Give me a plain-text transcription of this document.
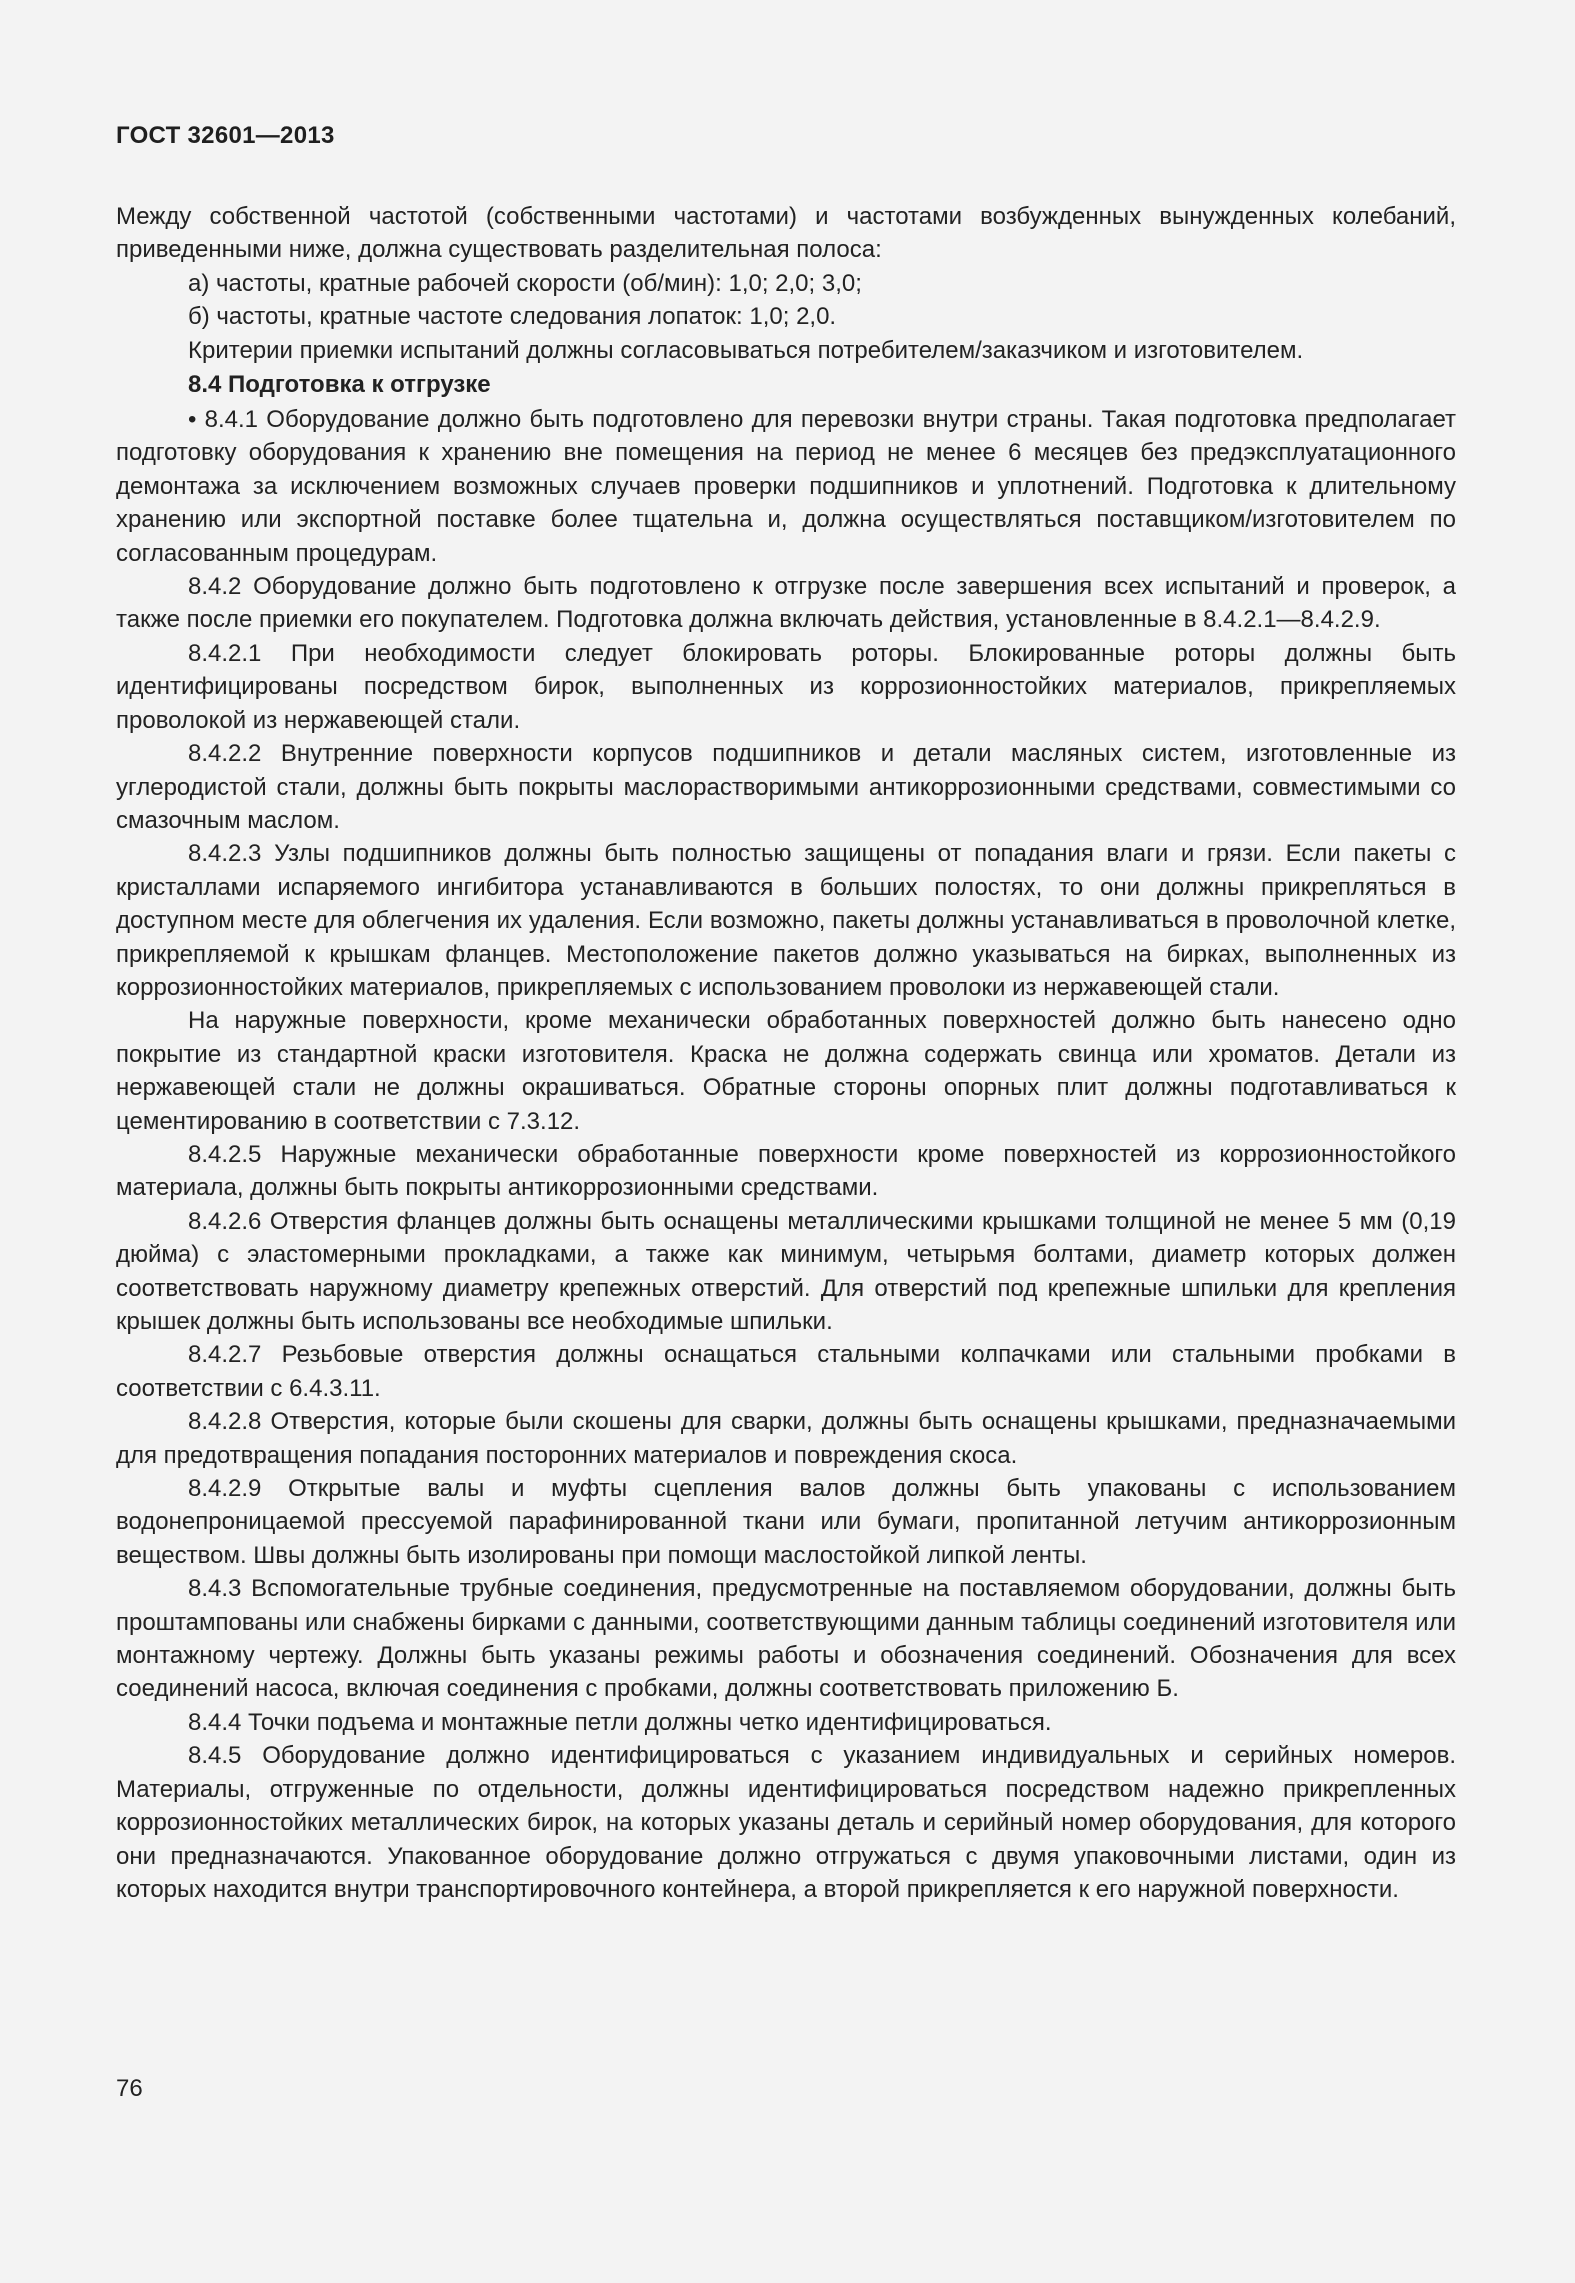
ГОСТ 32601—2013

Между собственной частотой (собственными частотами) и частотами возбужденных вынужденных колебаний, приведенными ниже, должна существовать разделительная полоса:

а) частоты, кратные рабочей скорости (об/мин): 1,0; 2,0; 3,0;

б) частоты, кратные частоте следования лопаток: 1,0; 2,0.

Критерии приемки испытаний должны согласовываться потребителем/заказчиком и изготовителем.

8.4 Подготовка к отгрузке

• 8.4.1 Оборудование должно быть подготовлено для перевозки внутри страны. Такая подготовка предполагает подготовку оборудования к хранению вне помещения на период не менее 6 месяцев без предэксплуатационного демонтажа за исключением возможных случаев проверки подшипников и уплотнений. Подготовка к длительному хранению или экспортной поставке более тщательна и, должна осуществляться поставщиком/изготовителем по согласованным процедурам.

8.4.2 Оборудование должно быть подготовлено к отгрузке после завершения всех испытаний и проверок, а также после приемки его покупателем. Подготовка должна включать действия, установленные в 8.4.2.1—8.4.2.9.

8.4.2.1 При необходимости следует блокировать роторы. Блокированные роторы должны быть идентифицированы посредством бирок, выполненных из коррозионностойких материалов, прикрепляемых проволокой из нержавеющей стали.

8.4.2.2 Внутренние поверхности корпусов подшипников и детали масляных систем, изготовленные из углеродистой стали, должны быть покрыты маслорастворимыми антикоррозионными средствами, совместимыми со смазочным маслом.

8.4.2.3 Узлы подшипников должны быть полностью защищены от попадания влаги и грязи. Если пакеты с кристаллами испаряемого ингибитора устанавливаются в больших полостях, то они должны прикрепляться в доступном месте для облегчения их удаления. Если возможно, пакеты должны устанавливаться в проволочной клетке, прикрепляемой к крышкам фланцев. Местоположение пакетов должно указываться на бирках, выполненных из коррозионностойких материалов, прикрепляемых с использованием проволоки из нержавеющей стали.

На наружные поверхности, кроме механически обработанных поверхностей должно быть нанесено одно покрытие из стандартной краски изготовителя. Краска не должна содержать свинца или хроматов. Детали из нержавеющей стали не должны окрашиваться. Обратные стороны опорных плит должны подготавливаться к цементированию в соответствии с 7.3.12.

8.4.2.5 Наружные механически обработанные поверхности кроме поверхностей из коррозионностойкого материала, должны быть покрыты антикоррозионными средствами.

8.4.2.6 Отверстия фланцев должны быть оснащены металлическими крышками толщиной не менее 5 мм (0,19 дюйма) с эластомерными прокладками, а также как минимум, четырьмя болтами, диаметр которых должен соответствовать наружному диаметру крепежных отверстий. Для отверстий под крепежные шпильки для крепления крышек должны быть использованы все необходимые шпильки.

8.4.2.7 Резьбовые отверстия должны оснащаться стальными колпачками или стальными пробками в соответствии с 6.4.3.11.

8.4.2.8 Отверстия, которые были скошены для сварки, должны быть оснащены крышками, предназначаемыми для предотвращения попадания посторонних материалов и повреждения скоса.

8.4.2.9 Открытые валы и муфты сцепления валов должны быть упакованы с использованием водонепроницаемой прессуемой парафинированной ткани или бумаги, пропитанной летучим антикоррозионным веществом. Швы должны быть изолированы при помощи маслостойкой липкой ленты.

8.4.3 Вспомогательные трубные соединения, предусмотренные на поставляемом оборудовании, должны быть проштампованы или снабжены бирками с данными, соответствующими данным таблицы соединений изготовителя или монтажному чертежу. Должны быть указаны режимы работы и обозначения соединений. Обозначения для всех соединений насоса, включая соединения с пробками, должны соответствовать приложению Б.

8.4.4 Точки подъема и монтажные петли должны четко идентифицироваться.

8.4.5 Оборудование должно идентифицироваться с указанием индивидуальных и серийных номеров. Материалы, отгруженные по отдельности, должны идентифицироваться посредством надежно прикрепленных коррозионностойких металлических бирок, на которых указаны деталь и серийный номер оборудования, для которого они предназначаются. Упакованное оборудование должно отгружаться с двумя упаковочными листами, один из которых находится внутри транспортировочного контейнера, а второй прикрепляется к его наружной поверхности.

76
